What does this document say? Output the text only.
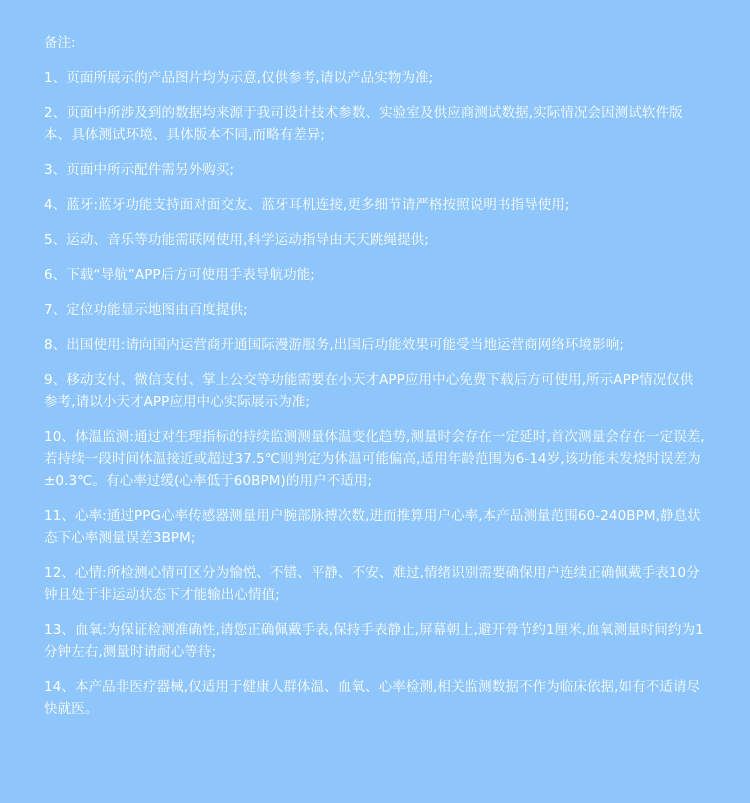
备注:
1、页面所展示的产品图片均为示意,仅供参考,请以产品实物为准;
2、页面中所涉及到的数据均来源于我司设计技术参数、实验室及供应商测试数据,实际情况会因测试软件版本、具体测试环境、具体版本不同,而略有差异;
3、页面中所示配件需另外购买;
4、蓝牙:蓝牙功能支持面对面交友、蓝牙耳机连接,更多细节请严格按照说明书指导使用;
5、运动、音乐等功能需联网使用,科学运动指导由天天跳绳提供;
6、下载“导航”APP后方可使用手表导航功能;
7、定位功能显示地图由百度提供;
8、出国使用:请向国内运营商开通国际漫游服务,出国后功能效果可能受当地运营商网络环境影响;
9、移动支付、微信支付、掌上公交等功能需要在小天才APP应用中心免费下载后方可使用,所示APP情况仅供参考,请以小天才APP应用中心实际展示为准;
10、体温监测:通过对生理指标的持续监测测量体温变化趋势,测量时会存在一定延时,首次测量会存在一定误差,若持续一段时间体温接近或超过37.5℃则判定为体温可能偏高,适用年龄范围为6-14岁,该功能未发烧时误差为±0.3℃。有心率过缓(心率低于60BPM)的用户不适用;
11、心率:通过PPG心率传感器测量用户腕部脉搏次数,进而推算用户心率,本产品测量范围60-240BPM,静息状态下心率测量误差3BPM;
12、心情:所检测心情可区分为愉悦、不错、平静、不安、难过,情绪识别需要确保用户连续正确佩戴手表10分钟且处于非运动状态下才能输出心情值;
13、血氧:为保证检测准确性,请您正确佩戴手表,保持手表静止,屏幕朝上,避开骨节约1厘米,血氧测量时间约为1分钟左右,测量时请耐心等待;
14、本产品非医疗器械,仅适用于健康人群体温、血氧、心率检测,相关监测数据不作为临床依据,如有不适请尽快就医。
